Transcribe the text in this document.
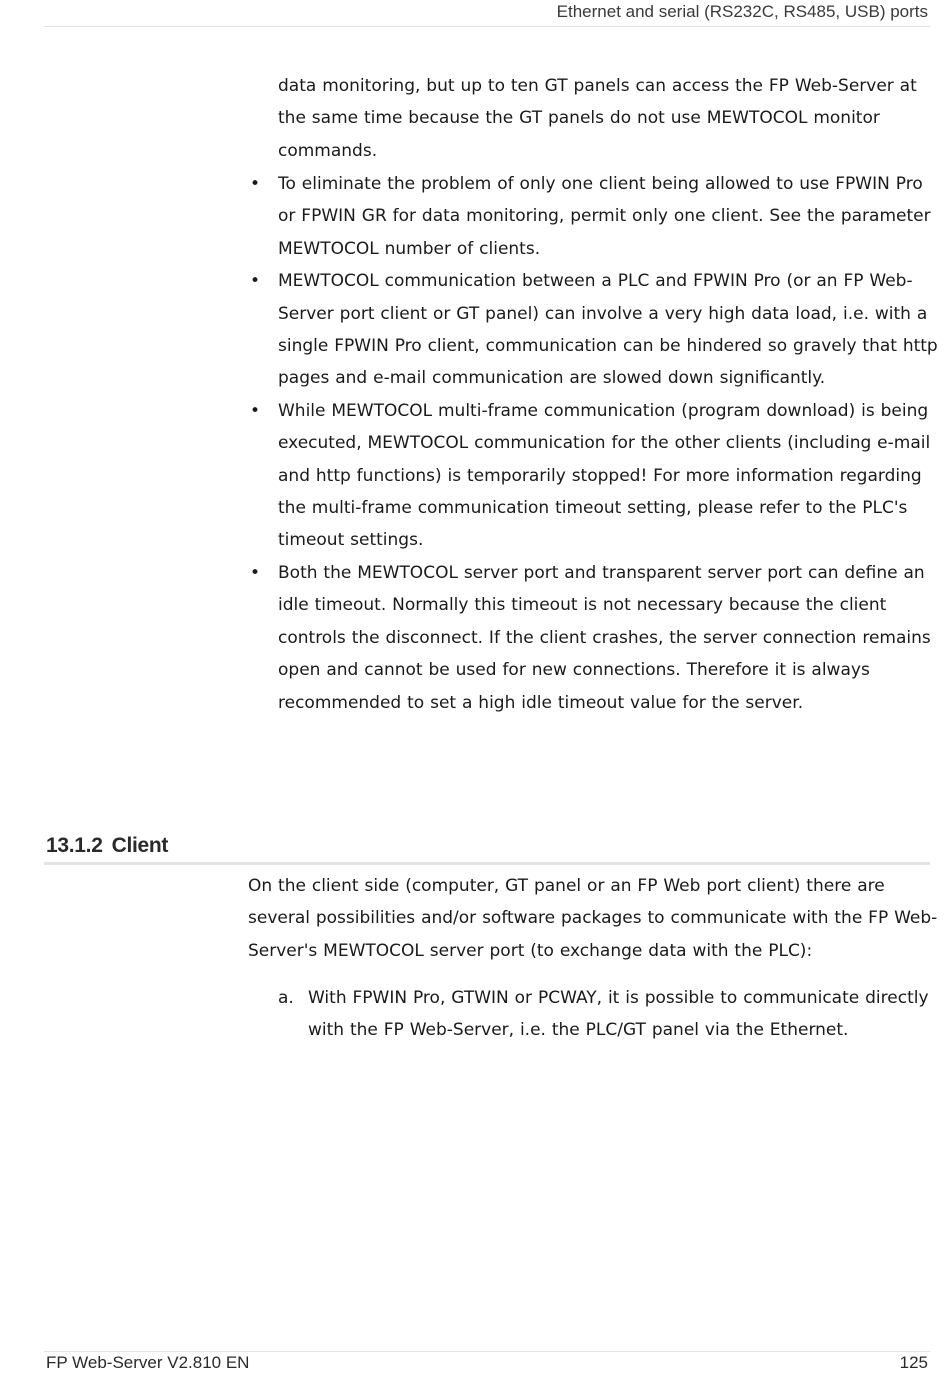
Ethernet and serial (RS232C, RS485, USB) ports

data monitoring, but up to ten GT panels can access the FP Web-Server at the same time because the GT panels do not use MEWTOCOL monitor commands.

• To eliminate the problem of only one client being allowed to use FPWIN Pro or FPWIN GR for data monitoring, permit only one client. See the parameter MEWTOCOL number of clients.
• MEWTOCOL communication between a PLC and FPWIN Pro (or an FP Web-Server port client or GT panel) can involve a very high data load, i.e. with a single FPWIN Pro client, communication can be hindered so gravely that http pages and e-mail communication are slowed down significantly.
• While MEWTOCOL multi-frame communication (program download) is being executed, MEWTOCOL communication for the other clients (including e-mail and http functions) is temporarily stopped! For more information regarding the multi-frame communication timeout setting, please refer to the PLC's timeout settings.
• Both the MEWTOCOL server port and transparent server port can define an idle timeout. Normally this timeout is not necessary because the client controls the disconnect. If the client crashes, the server connection remains open and cannot be used for new connections. Therefore it is always recommended to set a high idle timeout value for the server.
13.1.2 Client

On the client side (computer, GT panel or an FP Web port client) there are several possibilities and/or software packages to communicate with the FP Web-Server's MEWTOCOL server port (to exchange data with the PLC):

a. With FPWIN Pro, GTWIN or PCWAY, it is possible to communicate directly with the FP Web-Server, i.e. the PLC/GT panel via the Ethernet.
FP Web-Server V2.810 EN	125
